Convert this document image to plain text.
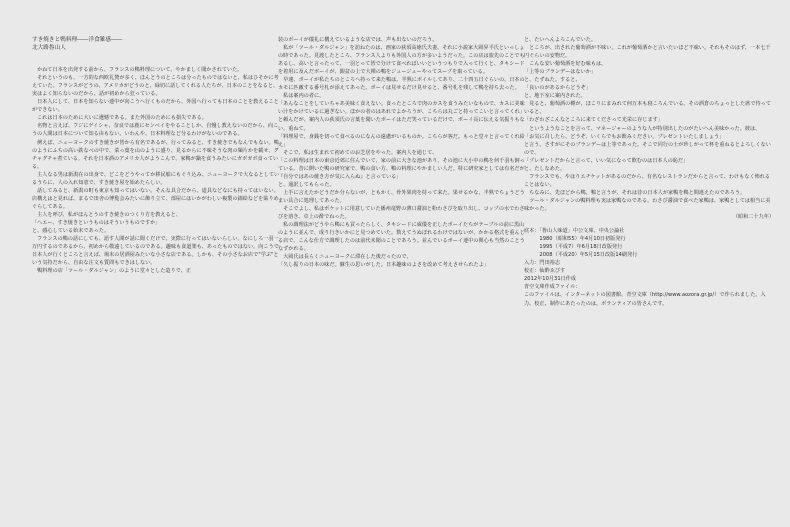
すき焼きと鴨料理――洋食雑感――

北大路魯山人

　かねて日本を出発する前から、フランスの鴨料理について、やかましく聞かされていた。

　それというのも、一方的な西欧礼賛が多く、ほんとうのところは分ったものではないと、私はひそかに考えていた。フランスがどうの、アメリカがどうのと、碌切に話してくれる人たちが、日本のことをなると、実はよく知らないのだから、話が初めから狂っている。

　日本人にして、日本を知らない連中が向こうへ行くものだから、外国へ行っても日本のことを教えることができない。

　これは日本のために大いに遺憾である。また外国のためにも損失である。

　名物と言えば、フジにゲイシャ、奈良では鹿にセンベイをやることしか、自慢し教えないのだから、向こうの人間は日本について知る由もない。いわんや、日本料理など分るわけがないのである。

　例えば、ニューヨークのすき焼きが皆から有名であるが、行ってみると、すき焼きでもなんでもない。鴨のようにふちの高い鉄なべの中で、菜っ葉を山のように盛り、見るからに不味そうな肉の麺片かを載せ、グチャグチャ煮ている。それを日本酒のアメリカ人がようこんで、家鴨が鍋を食うみたいにガボガボ食っている。

　主人なる男は新潟在の出身で、どこをどうやってか移民船にもぐり込み、ニューヨークで大なるとしているうちに、人の入れ知恵で、すき焼き屋を始めたらしい。

　話してみると、新潟の町も東京も知ってはいない。そんな具合だから、道具などなにも持ってはいない。店構えはと見れば、まるで田舎の博覧会みたいに飾り立て、部屋にはいかがわしい複製の錦絵などを貼りめぐらしてある。

　主人を呼び、私がほんとうのすき焼きのつくり方を教えると、

「へエー、すき焼きというものはそういうものですか」

と、感心している始末であった。

　フランスの鴨の話にしても、語す人間が話に聞くだけで、実際に行ってはいないらしい。なにしろ一羽一万円するのであるから、初めから敬遠しているのである。趣味も食道楽も、あったものではない。向こうで日本人が行くところと言えば、場末の居酒屋みたいな小さな店である。しかも、その小さなお店で"学ぶ"という気持だから、自由な注文も質問もできはしない。

　鴨料理の店「ツール・ダルジャン」のように堂々とした造りで、正

装のボーイが儀礼に構えているような店では、声も出ないのだろう。

　私が「ツール・ダルジャン」を訪ねたのは、画家の荻須高徳氏夫妻、それに小説家大岡昇平氏といっしょの時であった。見渡したところ、フランス人よりも外国人の方が多いようだった。この店は旅先のことでもあるし、高いと言ったって、一羽とって皆で分けて食べればいいというつもりで入って行くと、タキシードを着用に及んだボーイが、銀盆の上で大裸の鴨をジュージューやってスープを取っている。

　早速、ボーイが私たちのところへ持って来た鴨は、半熟にボイルしてあり、二十四五日ぐらいの、日本のカモに匹敵する番号札が添えてあった。ボーイは見せるだけ見せると、番号札を残して鴨を持ち去った。

　私は案内の者に、

「あんなことをしていちゃあ美味く食えない。食ったところで肉のカスを食うみたいなもので、カスに美味い汁をかけているに過ぎない。ほかの者のはあれでよかろうが、こちらは丸ごと持ってこいと言ってくれ」

と頼んだが、案内人の荻須氏の言葉を聞いたボーイはただ笑っているだけで、ボーイ長に伝える気振りもない。重ねて、

「料理屋で、身銭を切って食べるのになんの遠慮がいるものか。こちらが客だ。もっと堂々と言ってくれ給え」

　そこで、私は生まれて初めてのお芝居をやった。案内人を通じて、

「この料理は日本の東京近郊に住んでいて、家の前に大きな池があり、その池に大小中の鴨を何千羽も飼っている。昔に開いた鴨の研究家で、鴨の食い方、鴨の料理にやかましい人だ。特に研究家としては有名だが『自分ではあの焼き方が気に入らぬ』と言っている」

と、通訳してもらった。

　上手に言えたかどうだか分らないが、ともかく、骨外果肉を持って来た。果せるかな、半熟でちょうどうまい具合に処理してあった。

　そこでよし、私はポケットに用意していた播州竜野の薄口醤油と粉わさびを取り出し、コップの水でわさびを溶き、卓上の酢でねった。

　私の調理法がどうやら鴨にも買ったらしく、タキシードに威儀を正したボーイたちがテーブルの前に黒山のように並んで、成り行きいかにと見つめていた。数えてうぬぼれるわけではないが、かかる格式を重んじる店で、こんな仕方で調理したのは前代未聞のことであろう。並んでいるボーイ連中の関心も当然のことうなずかれる。

　大岡氏は長らくニューヨークに滞在した後だったので、

「久し振りの日本の味だ。蘇生の思いがした。日本趣味のよさを改めて考えさせられたよ」

と、たいへんよろこんでいた。

　ところが、出された葡萄酒が不味い。これが葡萄酒かと言いたいほど不味い。それもそのはず、一本七千円ぐらいの安物だ。

　こんな安い葡萄酒を好む味もは、

「上等のブランデーはないか」

と、たずねた。すると、

「良いのがあるからどうぞ」

と、地下室に案内された。

　見ると、葡萄酒の樽が、ほこりにまみれて何万本も寝ころんでいる。その酒倉のちょっとした席で待っていると、

「わざわざこんなところに来てくださって光栄に存じます」

　というようなことを言って、マネージャーのような人が特別出したのがたいへん美味かった。彼は、

「お気に召したら、どうぞ、いくらでもお飲みください。プレゼントいたしましょう」

と言う。さすがにそのブランデーは上等であった。そこで同行の士が珍しがって杯を重ねるとよろしくないので、

「プレゼントだからと言って、いい気になって飲むのは日本人の恥だ」

と、たしなめた。

　フランスでも、やはりエチケットがあるのだから、有名なレストランだからと言って、わけもなく怖れることはない。

　ちなみに、先ほどから鴨、鴨と言うが、それは昔の日本人が家鴨を鴨と間違えたのであろう。

　ツール・ダルジャンの鴨料理も実は家鴨なのである。わさび醤油で食べた家鴨は、家鴨としては相当に美味かった。

（昭和二十九年）

底本：「魯山人味道」中公文庫、中央公論社

　　　1980（昭和55）年4月10日初版発行

　　　1995（平成7）年6月18日改版発行

　　　2008（平成20）年5月15日改版14刷発行

入力：門田裕志

校正：仙酔ゑびす

2012年10月31日作成

青空文庫作成ファイル：

このファイルは、インターネットの図書館、青空文庫（http://www.aozora.gr.jp/）で作られました。入力、校正、制作にあたったのは、ボランティアの皆さんです。
